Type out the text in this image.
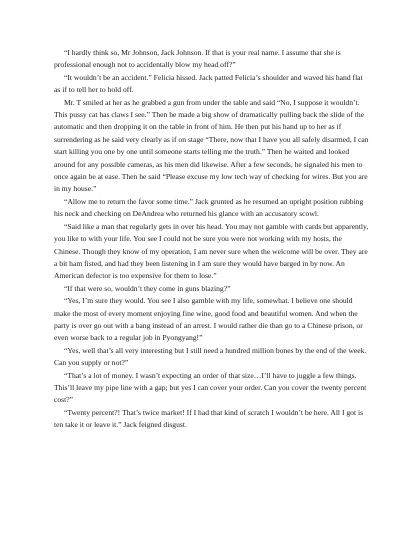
“I hardly think so, Mr Johnson, Jack Johnson. If that is your real name. I assume that she is professional enough not to accidentally blow my head off?”

“It wouldn’t be an accident.” Felicia hissed. Jack patted Felicia’s shoulder and waved his hand flat as if to tell her to hold off.

Mr. T smiled at her as he grabbed a gun from under the table and said “No, I suppose it wouldn’t. This pussy cat has claws I see.” Then he made a big show of dramatically pulling back the slide of the automatic and then dropping it on the table in front of him. He then put his hand up to her as if surrendering as he said very clearly as if on stage “There, now that I have you all safely disarmed, I can start killing you one by one until someone starts telling me the truth.” Then he waited and looked around for any possible cameras, as his men did likewise. After a few seconds, he signaled his men to once again be at ease. Then he said “Please excuse my low tech way of checking for wires. But you are in my house.”

“Allow me to return the favor some time.” Jack grunted as he resumed an upright position rubbing his neck and checking on DeAndrea who returned his glance with an accusatory scowl.

“Said like a man that regularly gets in over his head. You may not gamble with cards but apparently, you like to with your life. You see I could not be sure you were not working with my hosts, the Chinese. Though they know of my operation, I am never sure when the welcome will be over. They are a bit ham fisted, and had they been listening in I am sure they would have barged in by now. An American defector is too expensive for them to lose.”

“If that were so, wouldn’t they come in guns blazing?”

“Yes, I’m sure they would. You see I also gamble with my life, somewhat. I believe one should make the most of every moment enjoying fine wine, good food and beautiful women. And when the party is over go out with a bang instead of an arrest. I would rather die than go to a Chinese prison, or even worse back to a regular job in Pyongyang!”

“Yes, well that’s all very interesting but I still need a hundred million bones by the end of the week. Can you supply or not?”

“That’s a lot of money. I wasn’t expecting an order of that size…I’ll have to juggle a few things. This’ll leave my pipe line with a gap; but yes I can cover your order. Can you cover the twenty percent cost?”

“Twenty percent?! That’s twice market! If I had that kind of scratch I wouldn’t be here. All I got is ten take it or leave it.” Jack feigned disgust.
